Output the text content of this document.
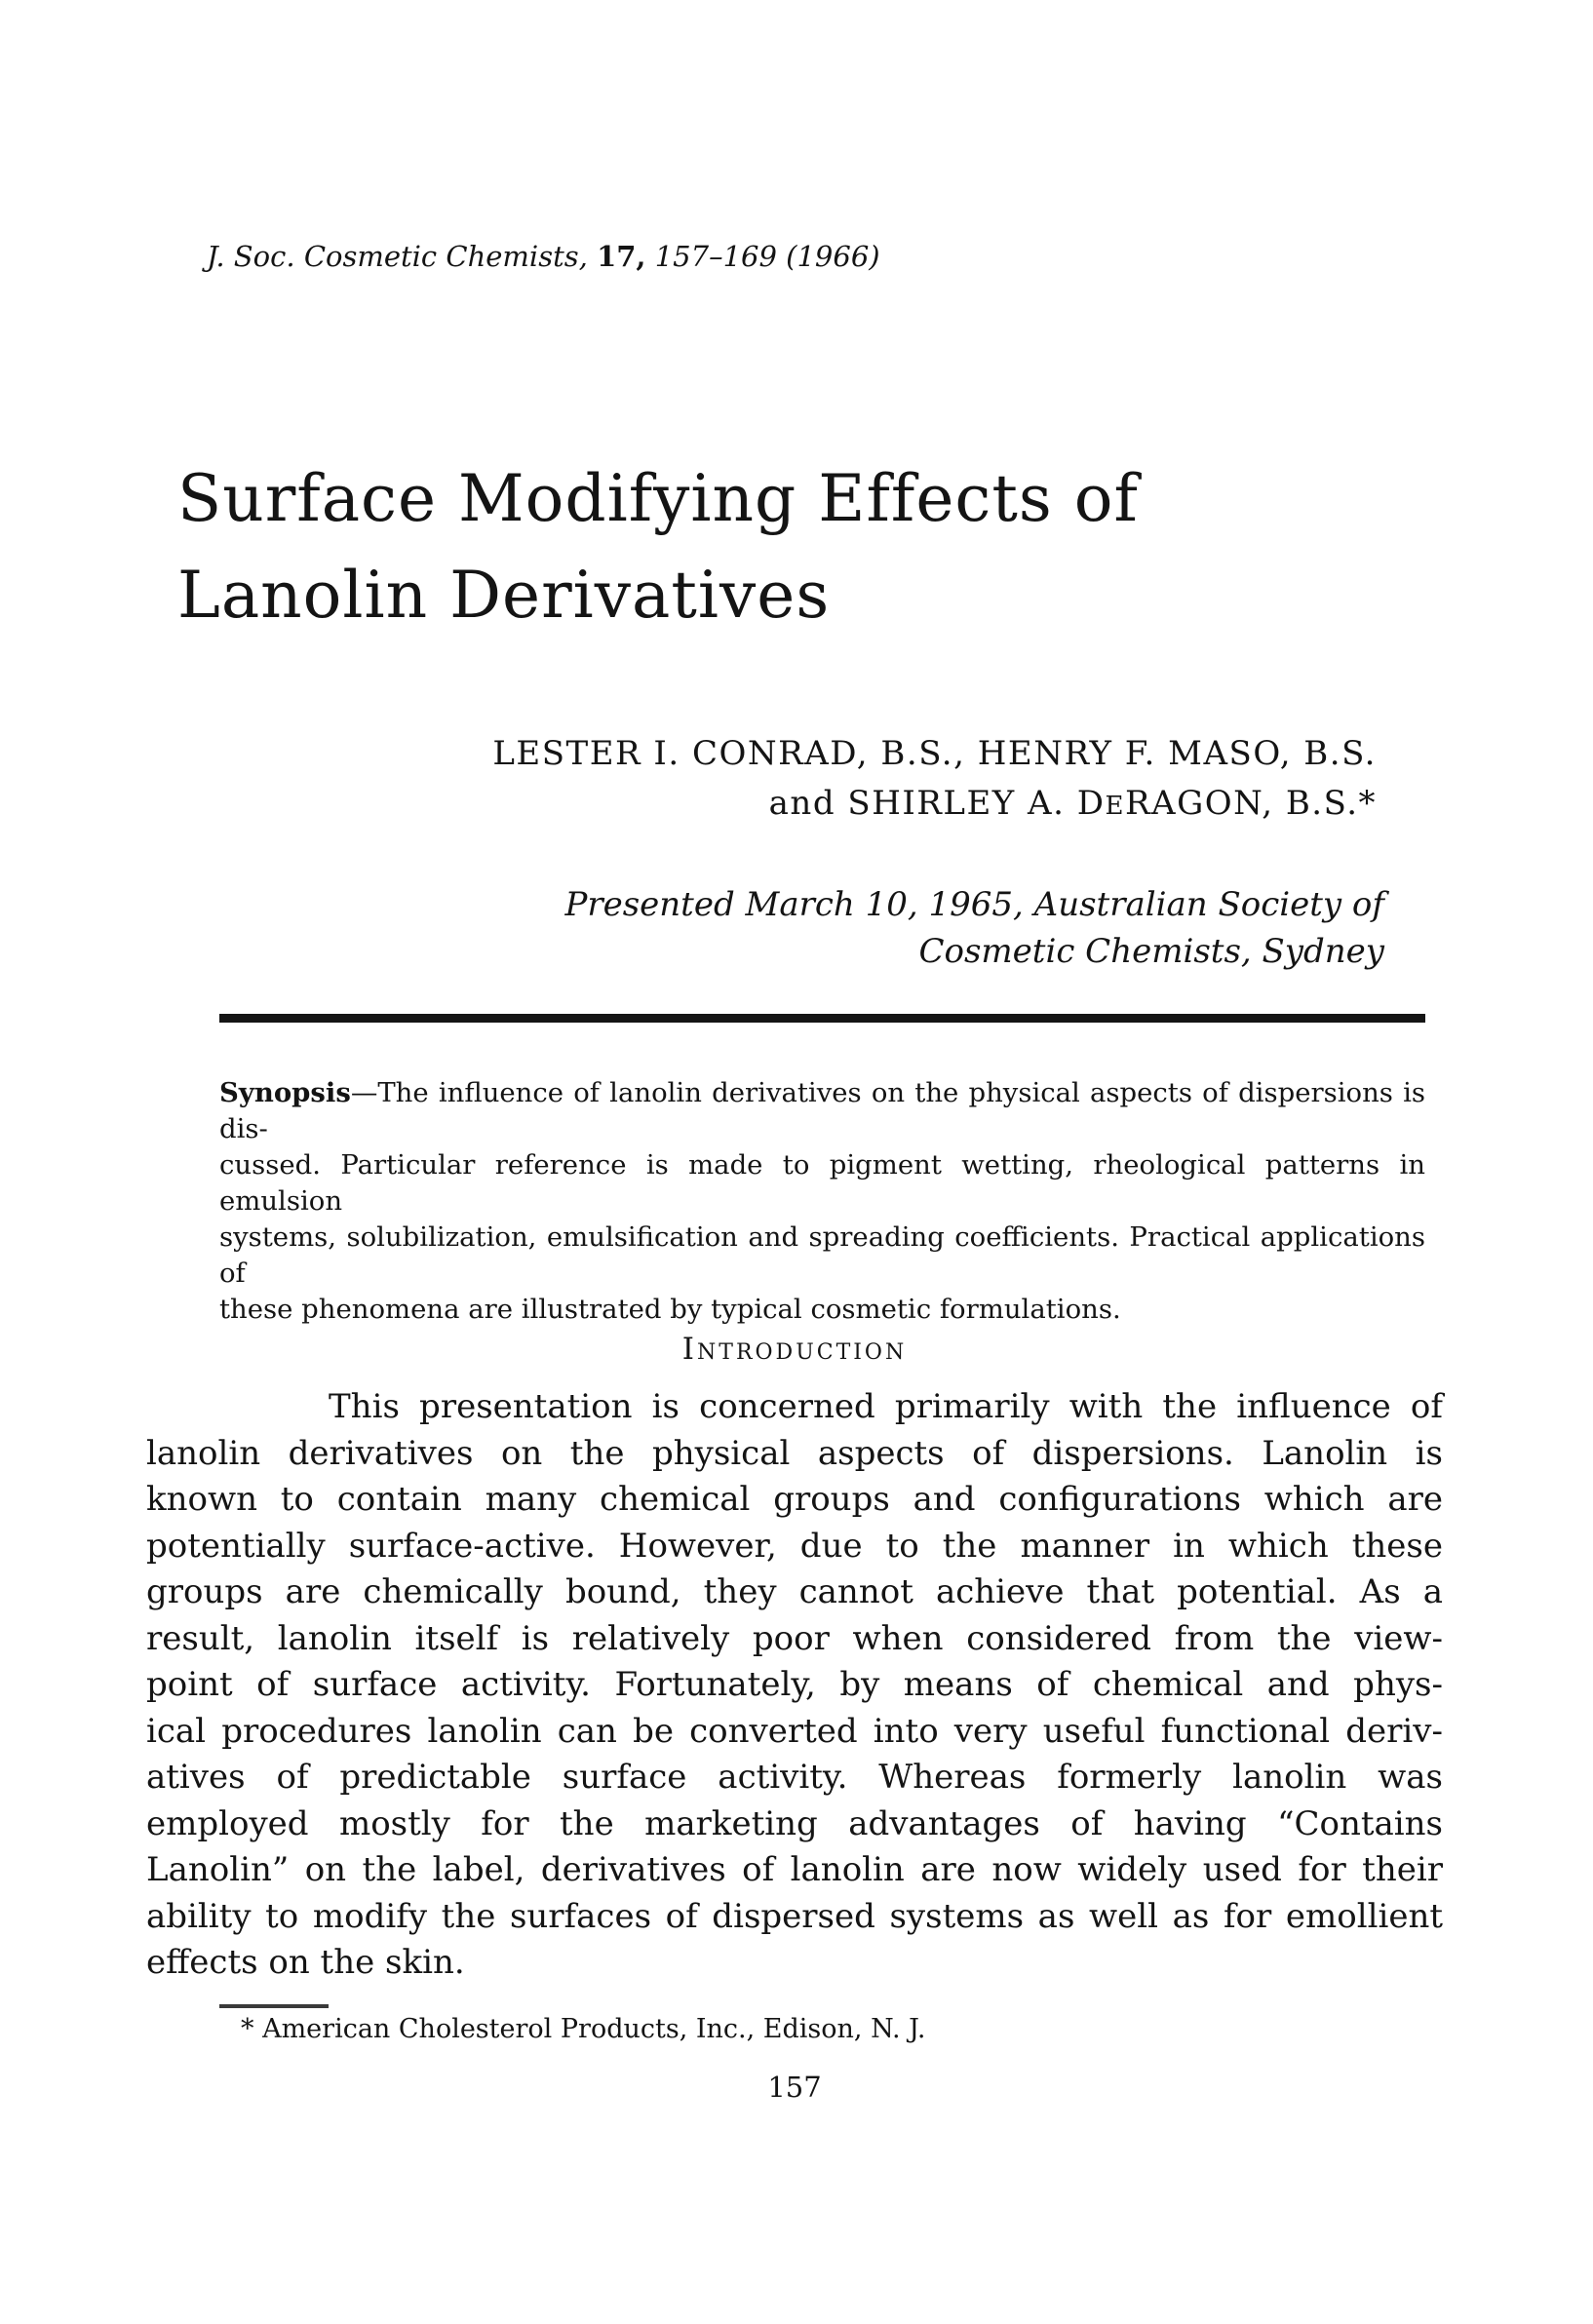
J. Soc. Cosmetic Chemists, 17, 157–169 (1966)
Surface Modifying Effects of
Lanolin Derivatives
LESTER I. CONRAD, B.S., HENRY F. MASO, B.S.
and SHIRLEY A. DERAGON, B.S.*
Presented March 10, 1965, Australian Society of
Cosmetic Chemists, Sydney
Synopsis—The influence of lanolin derivatives on the physical aspects of dispersions is dis-
cussed. Particular reference is made to pigment wetting, rheological patterns in emulsion
systems, solubilization, emulsification and spreading coefficients. Practical applications of
these phenomena are illustrated by typical cosmetic formulations.
Introduction
This presentation is concerned primarily with the influence of
lanolin derivatives on the physical aspects of dispersions. Lanolin is
known to contain many chemical groups and configurations which are
potentially surface-active. However, due to the manner in which these
groups are chemically bound, they cannot achieve that potential. As a
result, lanolin itself is relatively poor when considered from the view-
point of surface activity. Fortunately, by means of chemical and phys-
ical procedures lanolin can be converted into very useful functional deriv-
atives of predictable surface activity. Whereas formerly lanolin was
employed mostly for the marketing advantages of having “Contains
Lanolin” on the label, derivatives of lanolin are now widely used for their
ability to modify the surfaces of dispersed systems as well as for emollient
effects on the skin.
* American Cholesterol Products, Inc., Edison, N. J.
157
